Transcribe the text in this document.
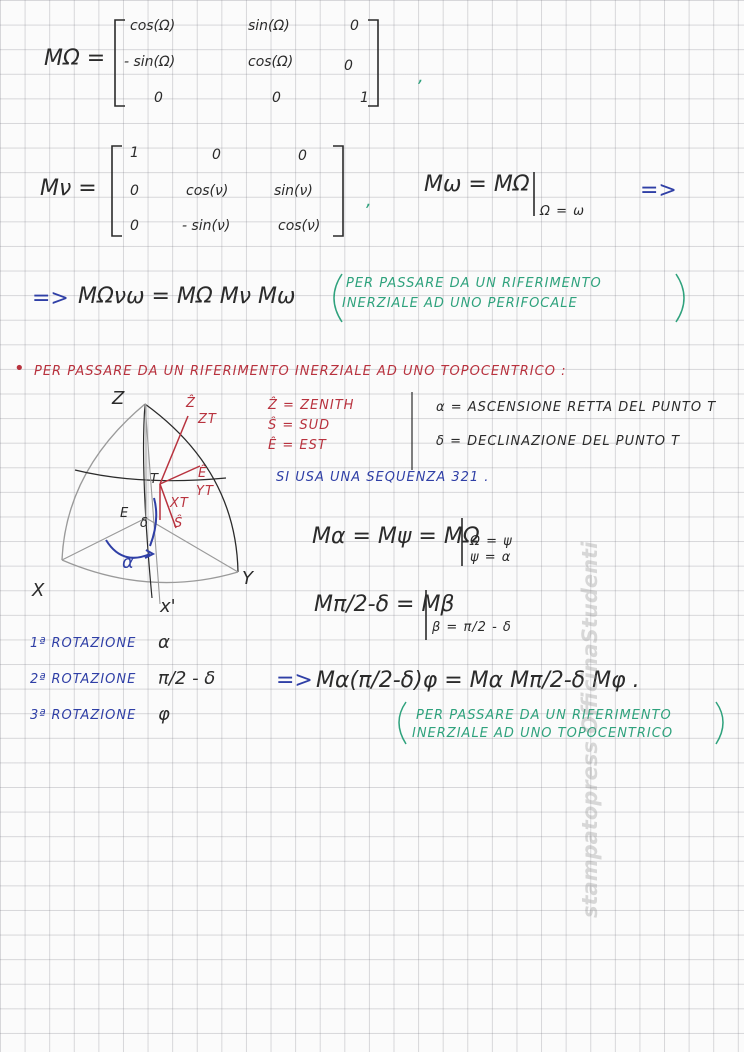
MΩ =
cos(Ω)	sin(Ω)	0
- sin(Ω)	cos(Ω)	0
0	0	1
,
Mν =
1	0	0
0	cos(ν)	sin(ν)
0	- sin(ν)	cos(ν)
,
Mω = MΩ
Ω = ω
=>
=> MΩνω = MΩ Mν Mω
PER PASSARE DA UN RIFERIMENTO
INERZIALE AD UNO PERIFOCALE
• PER PASSARE DA UN RIFERIMENTO INERZIALE AD UNO TOPOCENTRICO :
Z
X
Y
x'
T
E
α
δ
Ẑ
ZT
Ê
YT
XT
Ŝ
Ẑ = ZENITH
Ŝ = SUD
Ê = EST
α = ASCENSIONE RETTA DEL PUNTO T
δ = DECLINAZIONE DEL PUNTO T
SI USA UNA SEQUENZA 321 .
Mα = Mψ = MΩ
Ω = ψ
ψ = α
Mπ/2-δ = Mβ
β = π/2 - δ
=> Mα(π/2-δ)φ = Mα Mπ/2-δ Mφ .
PER PASSARE DA UN RIFERIMENTO
INERZIALE AD UNO TOPOCENTRICO
1ª ROTAZIONE α
2ª ROTAZIONE π/2 - δ
3ª ROTAZIONE φ	stampatopress OfficinaStudenti
